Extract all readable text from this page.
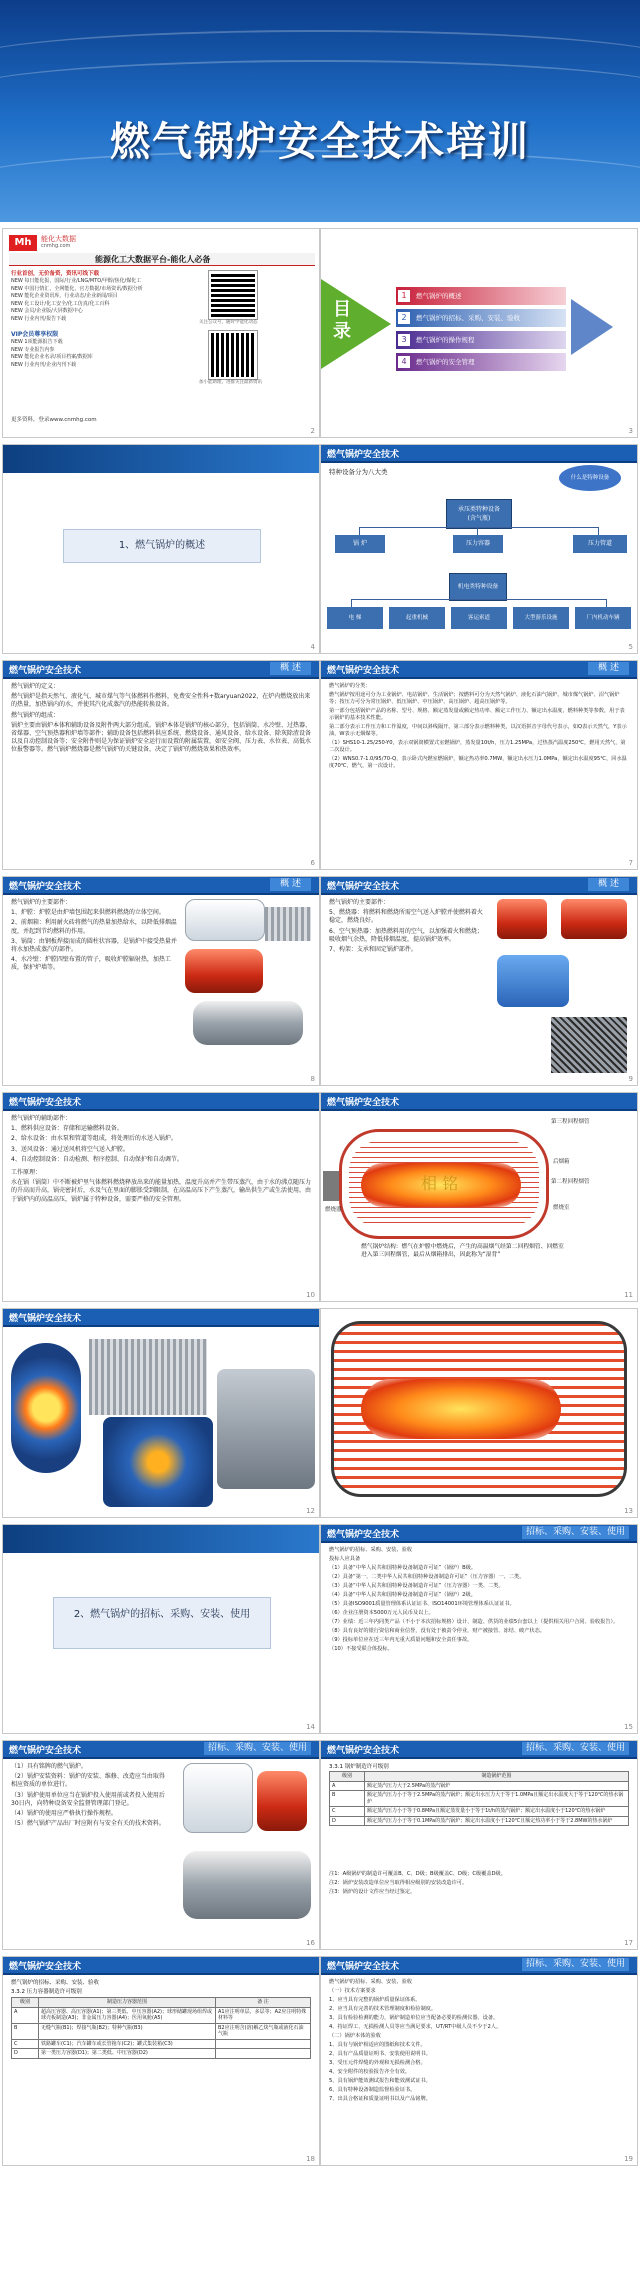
燃气锅炉安全技术培训
Mh	能化大数据
cnmhg.com
能源化工大数据平台-能化人必备
行业首创，无价备资，资讯可线下载
NEW 每日能化报，国际/行业/LNG/MTO/甲醇/焦化/煤化工
NEW 中国行情汇，全网能化，官方数据/市场资讯/数据分析
NEW 能化企业资讯库，行业动态/企业新闻/项目
NEW 化工设计/化工安全/化工仿真/化工百科
NEW 会员/企业版/大屏数据中心
NEW 行业内刊/报告下载
VIP会员尊享权限
NEW 1项能源报告下载
NEW 专业报告内参
NEW 能化企业名录/项目档案/数据库
NEW 行业内刊/企业内刊下载
关注公众号，随时学能化动态
加小能助理，进群关注最新资讯
更多资料，登录www.cnmhg.com
2
目录
1	燃气锅炉的概述
2	燃气锅炉的招标、采购、安装、验收
3	燃气锅炉的操作规程
4	燃气锅炉的安全管理
3
1、燃气锅炉的概述
4
燃气锅炉安全技术
特种设备分为八大类
什么是特种设备
承压类特种设备
(含气瓶)
锅 炉	压力容器	压力管道
机电类特种设备
电 梯	起重机械	客运索道	大型游乐设施	厂内机动车辆
5
燃气锅炉安全技术	概 述

燃气锅炉的定义：

燃气锅炉是指天然气、液化气、城市煤气等气体燃料作燃料，免费安全性科+数aryuan2022，在炉内燃烧放出来的热量，加热锅内的水，并使其汽化成蒸汽的热能转换设备。

燃气锅炉的组成：

锅炉主要由锅炉本体和辅助设备及附件两大部分组成。锅炉本体是锅炉的核心部分，包括锅筒、水冷壁、过热器、省煤器、空气预热器和炉墙等部件；辅助设备包括燃料供应系统、燃烧设备、通风设备、给水设备、除灰除渣设备以及自动控制设备等；安全附件则是为保证锅炉安全运行而设置的附属装置，如安全阀、压力表、水位表、高低水位报警器等。燃气锅炉燃烧器是燃气锅炉的关键设备，决定了锅炉的燃烧效果和热效率。

6
燃气锅炉安全技术	概 述

燃气锅炉的分类：

燃气锅炉按用途可分为工业锅炉、电站锅炉、生活锅炉；按燃料可分为天然气锅炉、液化石油气锅炉、城市煤气锅炉、沼气锅炉等；按压力可分为常压锅炉、低压锅炉、中压锅炉、高压锅炉、超高压锅炉等。

第一部分包括锅炉产品的名称、型号、规格、额定蒸发量或额定热功率、额定工作压力、额定出水温度、燃料种类等参数，用于表示锅炉的基本技术性能。

第二部分表示工作压力和工作温度，中间以斜线隔开。第三部分表示燃料种类，以汉语拼音字母代号表示，如Q表示天然气，Y表示油，W表示无烟煤等。

（1）SHS10-1.25/250-Y0，表示双锅筒横置式室燃锅炉，蒸发量10t/h，压力1.25MPa，过热蒸汽温度250℃，燃用天然气，第二次设计。

（2）WNS0.7-1.0/95/70-Q，表示卧式内燃室燃锅炉，额定热功率0.7MW，额定出水压力1.0MPa，额定出水温度95℃，回水温度70℃，燃气，第一次设计。

7
燃气锅炉安全技术	概 述

燃气锅炉的主要部件：

1、炉膛：炉膛是由炉墙包围起来供燃料燃烧的立体空间。

2、前烟箱：利用耐火砖将燃气的热量加热给水，以降低排烟温度，并起到节约燃料的作用。

3、锅筒：由钢板焊接而成的圆柱状容器，是锅炉中接受热量并将水加热成蒸汽的部件。

4、水冷壁：炉膛四壁布置的管子，吸收炉膛辐射热，加热工质，保护炉墙等。

8
燃气锅炉安全技术	概 述

燃气锅炉的主要部件：

5、燃烧器：将燃料和燃烧所需空气送入炉膛并使燃料着火稳定，燃烧良好。

6、空气预热器：加热燃料用的空气，以加强着火和燃烧；吸收烟气余热，降低排烟温度，提高锅炉效率。

7、构架：支承和固定锅炉部件。

9
燃气锅炉安全技术

燃气锅炉的辅助部件：

1、燃料供应设备：存储和运输燃料设备。

2、给水设备：由水泵和管道等组成，将处理后的水送入锅炉。

3、送风设备：通过送风机将空气送入炉膛。

4、自动控制设备：自动检测、程序控制、自动保护和自动调节。

工作原理：

水在锅（锅筒）中不断被炉里气体燃料燃烧释放出来的能量加热，温度升高并产生带压蒸汽，由于水的沸点随压力的升高而升高，锅壳密封后，水及气在里面的膨胀受到限制，在高温高压下产生蒸汽，输出供生产或生活使用。由于锅炉内的高温高压，锅炉属于特种设备，需要严格的安全管理。

10
燃气锅炉安全技术
相 铭
第三程回程烟管
后烟箱
第二程回程烟管
燃烧室
燃烧器
燃气锅炉结构：燃气在炉膛中燃烧后，产生的高温烟气经第二回程烟管、回燃室进入第三回程烟管，最后从烟箱排出，因此称为“湿背”
11
燃气锅炉安全技术
12	13
2、燃气锅炉的招标、采购、安装、使用
14
燃气锅炉安全技术	招标、采购、安装、使用

燃气锅炉的招标、采购、安装、验收

投标人应具备

（1）具备“中华人民共和国特种设备制造许可证”（锅炉）B级。

（2）具备“第一、二类中华人民共和国特种设备制造许可证”（压力容器）一、二类。

（3）具备“中华人民共和国特种设备制造许可证”（压力容器）一类、二类。

（4）具备“中华人民共和国特种设备制造许可证”（锅炉）2级。

（5）具备ISO9001质量管理体系认证证书、ISO14001环境管理体系认证证书。

（6）企业注册资本5000万元人民币及以上。

（7）业绩：近三年内同类产品（不小于本次招标规格）设计、制造、供货的业绩5台套以上（提供相关用户合同、验收报告）。

（8）具有良好的银行资信和商业信誉，没有处于被责令停业，财产被接管、冻结、破产状态。

（9）投标单位应在近三年内无重大质量问题和安全责任事故。

（10）不接受联合体投标。

15
燃气锅炉安全技术	招标、采购、安装、使用

（1）具有铭牌的燃气锅炉。

（2）锅炉安装资料：锅炉的安装、维修、改造应当由取得相应资质的单位进行。

（3）锅炉使用单位应当在锅炉投入使用前或者投入使用后30日内，向特种设备安全监督管理部门登记。

（4）锅炉的使用应严格执行操作规程。

（5）燃气锅炉产品出厂时应附有与安全有关的技术资料。

16
燃气锅炉安全技术	招标、采购、安装、使用
3.3.1 锅炉制造许可级别
级别	制造锅炉范围
A	额定蒸汽压力大于2.5MPa的蒸汽锅炉
B	额定蒸汽压力小于等于2.5MPa的蒸汽锅炉；额定出水压力大于等于1.0MPa且额定出水温度大于等于120℃的热水锅炉
C	额定蒸汽压力小于等于0.8MPa且额定蒸发量小于等于1t/h的蒸汽锅炉；额定出水温度小于120℃的热水锅炉
D	额定蒸汽压力小于等于0.1MPa的蒸汽锅炉；额定出水温度小于120℃且额定热功率小于等于2.8MW的热水锅炉

注1：A级锅炉的制造许可覆盖B、C、D级；B级覆盖C、D级；C级覆盖D级。

注2：锅炉安装改造单位应当取得相应级别的安装改造许可。

注3：锅炉的设计文件应当经过鉴定。

17
燃气锅炉安全技术
燃气锅炉的招标、采购、安装、验收
3.3.2 压力容器制造许可级别
级别	制造压力容器范围	备 注
A	超高压容器、高压容器(A1)；第三类低、中压容器(A2)；球形储罐现场组焊或球壳板制造(A3)；非金属压力容器(A4)；医用氧舱(A5)	A1应注明单层、多层等；A2应注明特殊材料等
B	无缝气瓶(B1)；焊接气瓶(B2)；特种气瓶(B3)	B2应注明含(溶)解乙炔气瓶或液化石油气瓶
C	铁路罐车(C1)；汽车罐车或长管拖车(C2)；罐式集装箱(C3)	
D	第一类压力容器(D1)；第二类低、中压容器(D2)	
18
燃气锅炉安全技术	招标、采购、安装、使用

燃气锅炉的招标、采购、安装、验收

（一）技术方案要求

1、应当具有完整的锅炉质量保证体系。

2、应当具有完善的技术管理制度和检验制度。

3、具有检验检测的能力，锅炉制造单位应当配备必要的检测仪器、设备。

4、持证焊工、无损检测人员等应当满足要求，UT/RT中级人员不少于2人。

（二）锅炉本体的验收

1、具有与锅炉相适应的图纸和技术文件。

2、具有产品质量证明书、安装使用说明书。

3、受压元件焊缝的外观和无损检测合格。

4、安全附件的校验报告齐全有效。

5、具有锅炉能效测试报告和能效测试证书。

6、具有特种设备制造监督检验证书。

7、出具合格证和质量证明书以及产品铭牌。

19
